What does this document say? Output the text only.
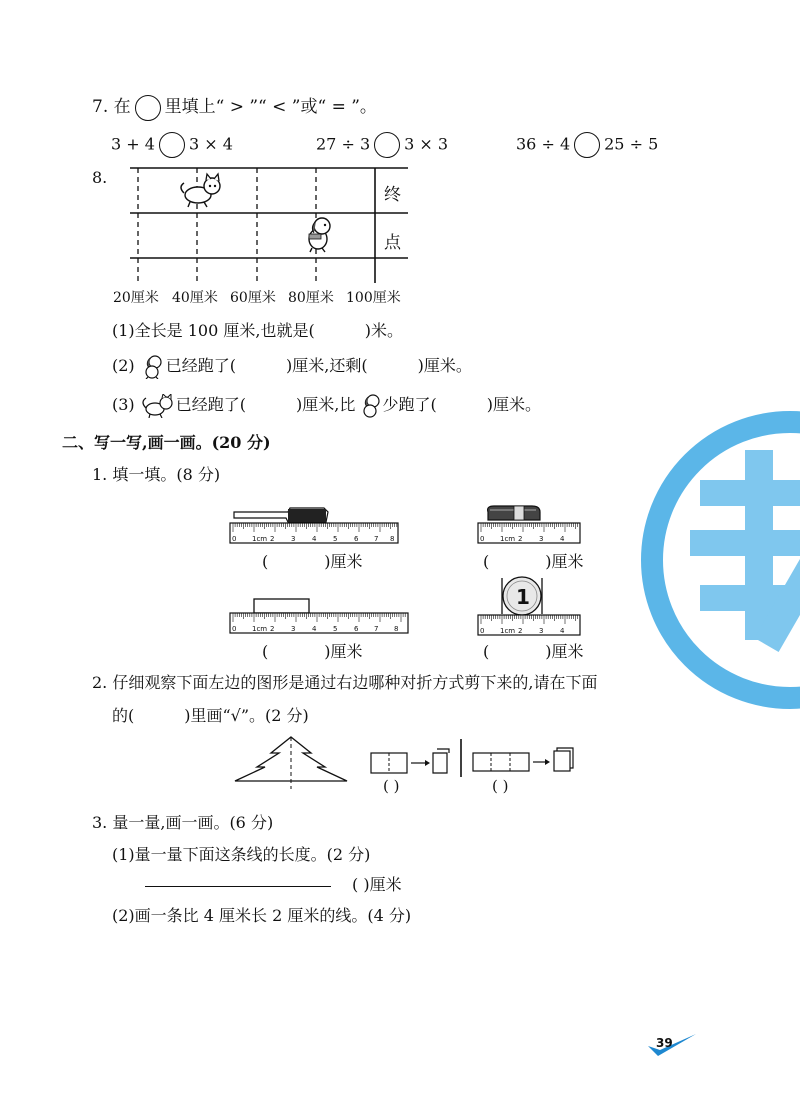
7. 在 里填上“ > ”“ < ”或“ = ”。
3 + 4 3 × 4	27 ÷ 3 3 × 3	36 ÷ 4 25 ÷ 5
8.
终
点
20厘米 40厘米 60厘米 80厘米 100厘米
(1)全长是 100 厘米,也就是(	)米。
(2) 已经跑了(	)厘米,还剩(	)厘米。
(3)	已经跑了(	)厘米,比 少跑了(	)厘米。
二、写一写,画一画。(20 分)
1. 填一填。(8 分)
0 1cm 2 3 4 5 6 7 8
(	)厘米
0 1cm 2 3 4
(	)厘米
0 1cm 2 3 4 5 6 7 8
(	)厘米
1
0 1cm 2 3 4
(	)厘米
2. 仔细观察下面左边的图形是通过右边哪种对折方式剪下来的,请在下面
的(	)里画“√”。(2 分)
( )	( )
3. 量一量,画一画。(6 分)
(1)量一量下面这条线的长度。(2 分)
( )厘米
(2)画一条比 4 厘米长 2 厘米的线。(4 分)
39
